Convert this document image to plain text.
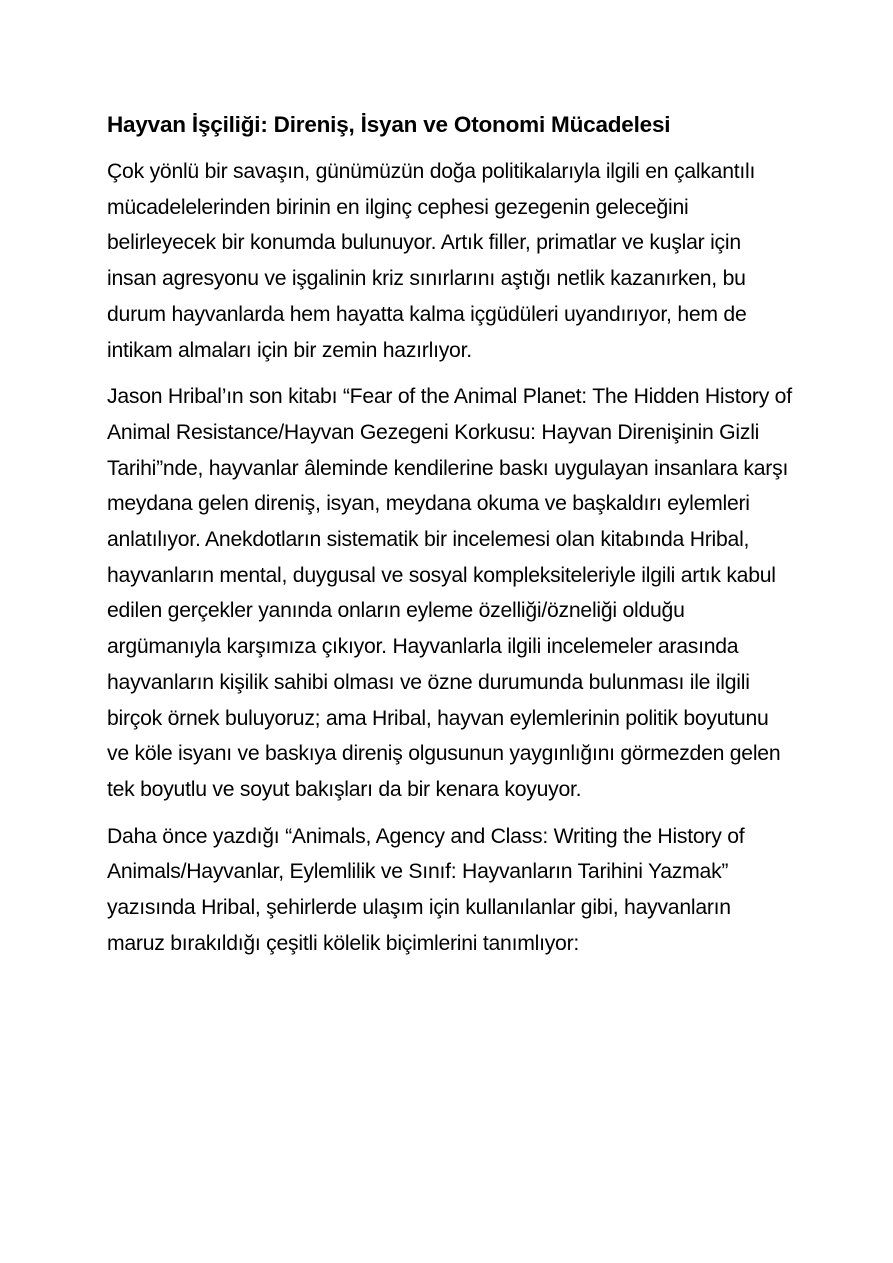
Hayvan İşçiliği: Direniş, İsyan ve Otonomi Mücadelesi

Çok yönlü bir savaşın, günümüzün doğa politikalarıyla ilgili en çalkantılı mücadelelerinden birinin en ilginç cephesi gezegenin geleceğini belirleyecek bir konumda bulunuyor. Artık filler, primatlar ve kuşlar için insan agresyonu ve işgalinin kriz sınırlarını aştığı netlik kazanırken, bu durum hayvanlarda hem hayatta kalma içgüdüleri uyandırıyor, hem de intikam almaları için bir zemin hazırlıyor.

Jason Hribal’ın son kitabı “Fear of the Animal Planet: The Hidden History of Animal Resistance/Hayvan Gezegeni Korkusu: Hayvan Direnişinin Gizli Tarihi”nde, hayvanlar âleminde kendilerine baskı uygulayan insanlara karşı meydana gelen direniş, isyan, meydana okuma ve başkaldırı eylemleri anlatılıyor. Anekdotların sistematik bir incelemesi olan kitabında Hribal, hayvanların mental, duygusal ve sosyal kompleksiteleriyle ilgili artık kabul edilen gerçekler yanında onların eyleme özelliği/özneliği olduğu argümanıyla karşımıza çıkıyor. Hayvanlarla ilgili incelemeler arasında hayvanların kişilik sahibi olması ve özne durumunda bulunması ile ilgili birçok örnek buluyoruz; ama Hribal, hayvan eylemlerinin politik boyutunu ve köle isyanı ve baskıya direniş olgusunun yaygınlığını görmezden gelen tek boyutlu ve soyut bakışları da bir kenara koyuyor.

Daha önce yazdığı “Animals, Agency and Class: Writing the History of Animals/Hayvanlar, Eylemlilik ve Sınıf: Hayvanların Tarihini Yazmak” yazısında Hribal, şehirlerde ulaşım için kullanılanlar gibi, hayvanların maruz bırakıldığı çeşitli kölelik biçimlerini tanımlıyor:
